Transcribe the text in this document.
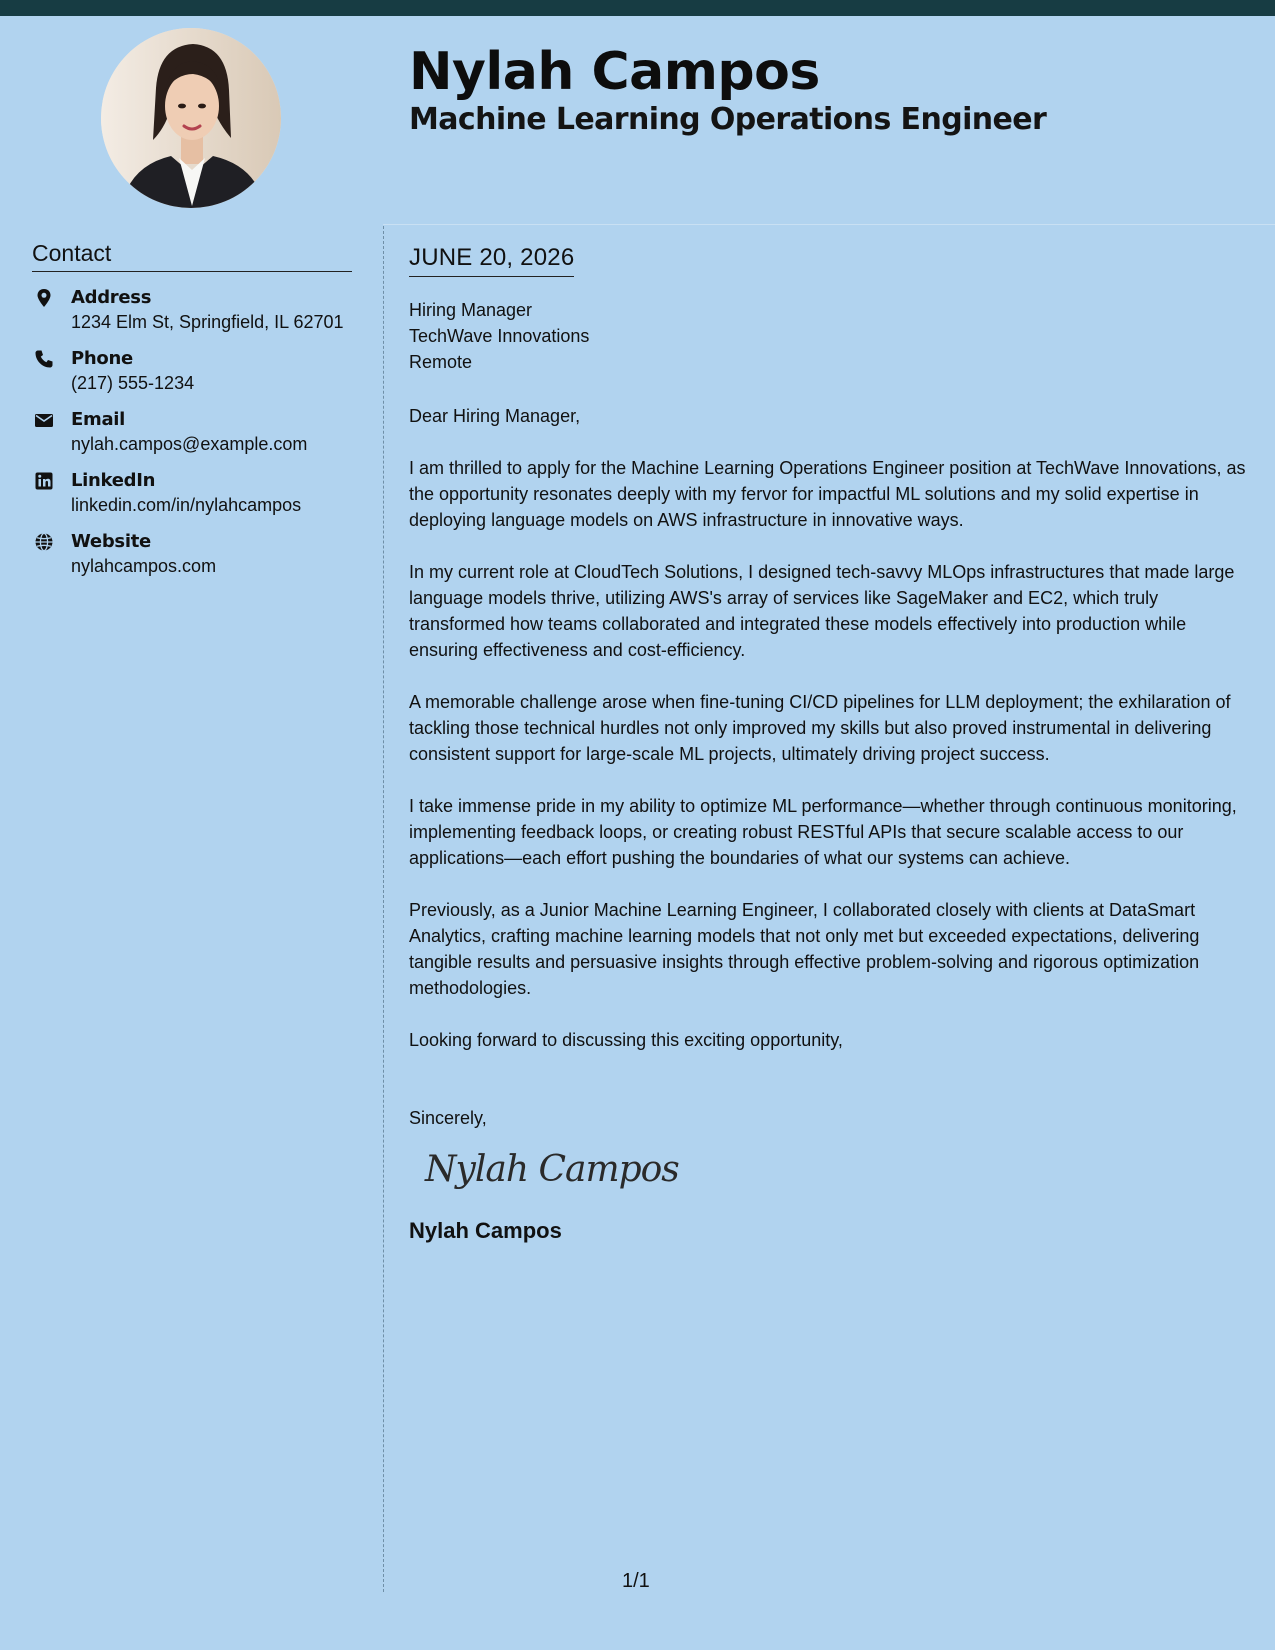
Nylah Campos
Machine Learning Operations Engineer
Contact
Address
1234 Elm St, Springfield, IL 62701
Phone
(217) 555-1234
Email
nylah.campos@example.com
LinkedIn
linkedin.com/in/nylahcampos
Website
nylahcampos.com
JUNE 20, 2026
Hiring Manager
TechWave Innovations
Remote

Dear Hiring Manager,

I am thrilled to apply for the Machine Learning Operations Engineer position at TechWave Innovations, as the opportunity resonates deeply with my fervor for impactful ML solutions and my solid expertise in deploying language models on AWS infrastructure in innovative ways.

In my current role at CloudTech Solutions, I designed tech-savvy MLOps infrastructures that made large language models thrive, utilizing AWS's array of services like SageMaker and EC2, which truly transformed how teams collaborated and integrated these models effectively into production while ensuring effectiveness and cost-efficiency.

A memorable challenge arose when fine-tuning CI/CD pipelines for LLM deployment; the exhilaration of tackling those technical hurdles not only improved my skills but also proved instrumental in delivering consistent support for large-scale ML projects, ultimately driving project success.

I take immense pride in my ability to optimize ML performance—whether through continuous monitoring, implementing feedback loops, or creating robust RESTful APIs that secure scalable access to our applications—each effort pushing the boundaries of what our systems can achieve.

Previously, as a Junior Machine Learning Engineer, I collaborated closely with clients at DataSmart Analytics, crafting machine learning models that not only met but exceeded expectations, delivering tangible results and persuasive insights through effective problem-solving and rigorous optimization methodologies.

Looking forward to discussing this exciting opportunity,

Sincerely,
Nylah Campos
Nylah Campos
1/1
